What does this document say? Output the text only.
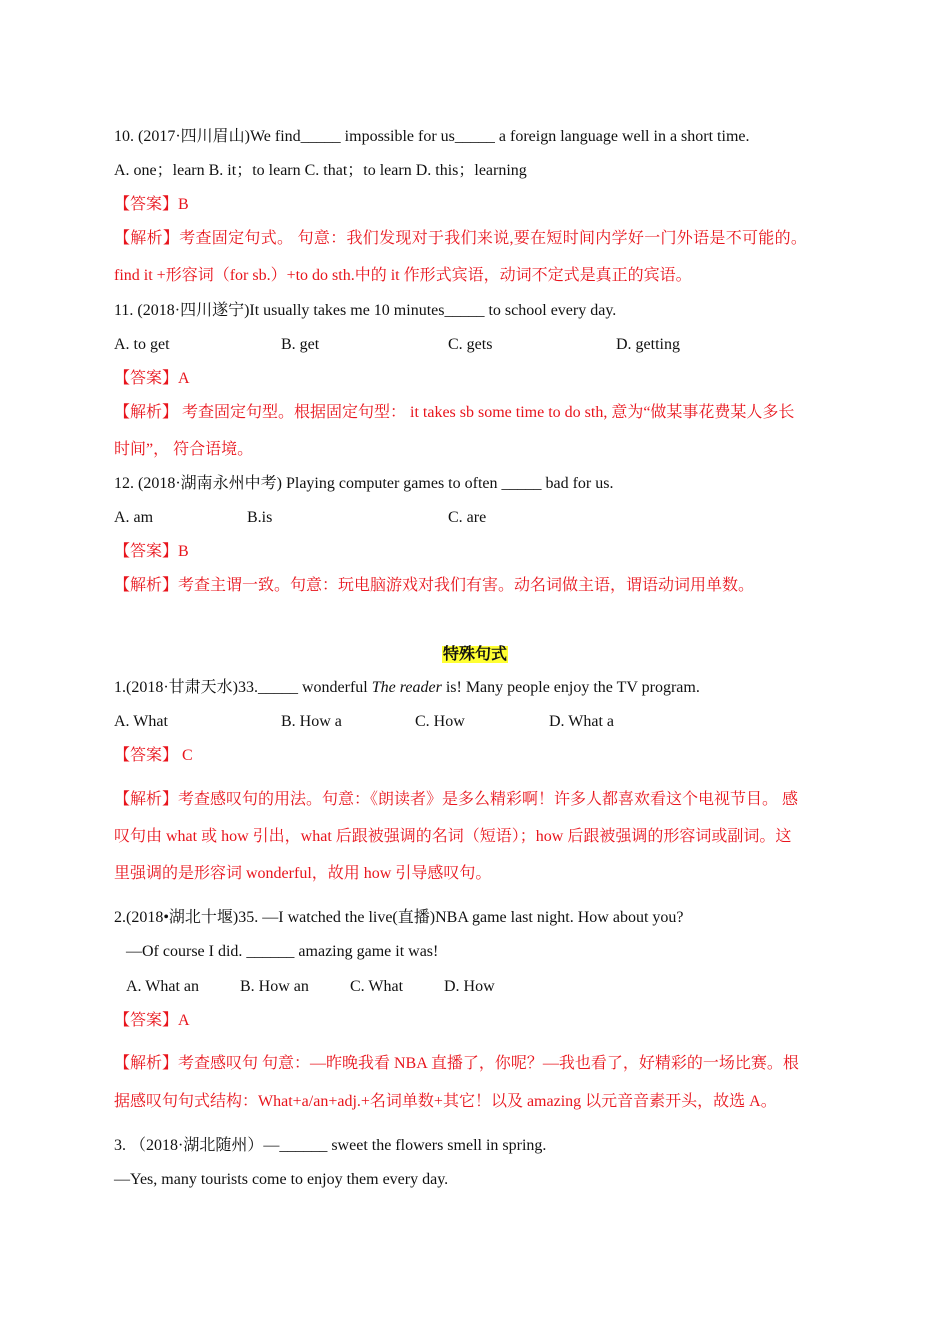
10. (2017·四川眉山)We find_____ impossible for us_____ a foreign language well in a short time.
A. one；learn B. it；to learn C. that；to learn D. this；learning
【答案】B
【解析】考查固定句式。 句意：我们发现对于我们来说,要在短时间内学好一门外语是不可能的。
find it +形容词（for sb.）+to do sth.中的 it 作形式宾语，动词不定式是真正的宾语。
11. (2018·四川遂宁)It usually takes me 10 minutes_____ to school every day.
A. to get	B. get	C. gets	D. getting
【答案】A
【解析】 考查固定句型。根据固定句型： it takes sb some time to do sth, 意为“做某事花费某人多长
时间”， 符合语境。
12. (2018·湖南永州中考) Playing computer games to often _____ bad for us.
A. am	B.is	C. are
【答案】B
【解析】考查主谓一致。句意：玩电脑游戏对我们有害。动名词做主语，谓语动词用单数。
特殊句式
1.(2018·甘肃天水)33._____ wonderful The reader is! Many people enjoy the TV program.
A. What	B. How a	C. How	D. What a
【答案】 C
【解析】考查感叹句的用法。句意：《朗读者》是多么精彩啊！许多人都喜欢看这个电视节目。 感
叹句由 what 或 how 引出，what 后跟被强调的名词（短语）；how 后跟被强调的形容词或副词。这
里强调的是形容词 wonderful，故用 how 引导感叹句。
2.(2018•湖北十堰)35. —I watched the live(直播)NBA game last night. How about you?
—Of course I did. ______ amazing game it was!
A. What an	B. How an	C. What	D. How
【答案】A
【解析】考查感叹句 句意：—昨晚我看 NBA 直播了，你呢？—我也看了，好精彩的一场比赛。根
据感叹句句式结构：What+a/an+adj.+名词单数+其它！以及 amazing 以元音音素开头，故选 A。
3. （2018·湖北随州）—______ sweet the flowers smell in spring.
—Yes, many tourists come to enjoy them every day.
